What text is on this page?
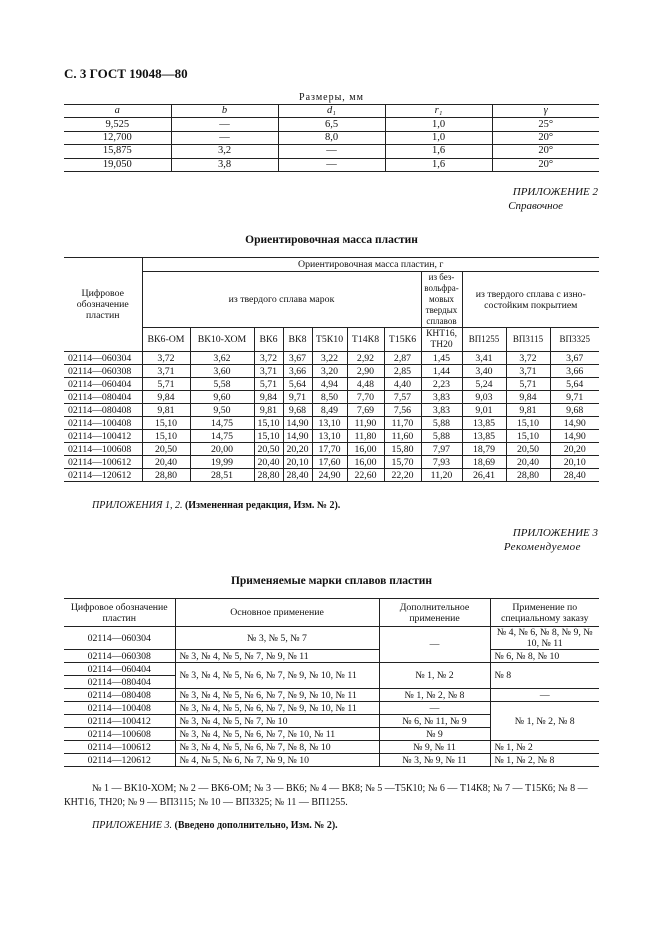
С. 3 ГОСТ 19048—80
Размеры, мм
a	b	d₁	r₁	γ
9,525	—	6,5	1,0	25°
12,700	—	8,0	1,0	20°
15,875	3,2	—	1,6	20°
19,050	3,8	—	1,6	20°
ПРИЛОЖЕНИЕ 2
Справочное
Ориентировочная масса пластин
Цифровое обозначение пластин	Ориентировочная масса пластин, г										
	из твердого сплава марок							из без-вольфра-мовых твердых сплавов	из твердого сплава с изно-состойким покрытием		
	ВК6-ОМ	ВК10-ХОМ	ВК6	ВК8	Т5К10	Т14К8	Т15К6	КНТ16, ТН20	ВП1255	ВП3115	ВП3325
02114—060304	3,72	3,62	3,72	3,67	3,22	2,92	2,87	1,45	3,41	3,72	3,67
02114—060308	3,71	3,60	3,71	3,66	3,20	2,90	2,85	1,44	3,40	3,71	3,66
02114—060404	5,71	5,58	5,71	5,64	4,94	4,48	4,40	2,23	5,24	5,71	5,64
02114—080404	9,84	9,60	9,84	9,71	8,50	7,70	7,57	3,83	9,03	9,84	9,71
02114—080408	9,81	9,50	9,81	9,68	8,49	7,69	7,56	3,83	9,01	9,81	9,68
02114—100408	15,10	14,75	15,10	14,90	13,10	11,90	11,70	5,88	13,85	15,10	14,90
02114—100412	15,10	14,75	15,10	14,90	13,10	11,80	11,60	5,88	13,85	15,10	14,90
02114—100608	20,50	20,00	20,50	20,20	17,70	16,00	15,80	7,97	18,79	20,50	20,20
02114—100612	20,40	19,99	20,40	20,10	17,60	16,00	15,70	7,93	18,69	20,40	20,10
02114—120612	28,80	28,51	28,80	28,40	24,90	22,60	22,20	11,20	26,41	28,80	28,40
ПРИЛОЖЕНИЯ 1, 2. (Измененная редакция, Изм. № 2).
ПРИЛОЖЕНИЕ 3
Рекомендуемое
Применяемые марки сплавов пластин
Цифровое обозначение пластин	Основное применение	Дополнительное применение	Применение по специальному заказу
02114—060304	№ 3, № 5, № 7	—	№ 4, № 6, № 8, № 9, № 10, № 11

02114—060308	№ 3, № 4, № 5, № 7, № 9, № 11		№ 6, № 8, № 10
02114—060404	№ 3, № 4, № 5, № 6, № 7, № 9, № 10, № 11	№ 1, № 2	№ 8
02114—080404			
02114—080408	№ 3, № 4, № 5, № 6, № 7, № 9, № 10, № 11	№ 1, № 2, № 8	—
02114—100408	№ 3, № 4, № 5, № 6, № 7, № 9, № 10, № 11	—	№ 1, № 2, № 8
02114—100412	№ 3, № 4, № 5, № 7, № 10	№ 6, № 11, № 9	
02114—100608	№ 3, № 4, № 5, № 6, № 7, № 10, № 11	№ 9	
02114—100612	№ 3, № 4, № 5, № 6, № 7, № 8, № 10	№ 9, № 11	№ 1, № 2
02114—120612	№ 4, № 5, № 6, № 7, № 9, № 10	№ 3, № 9, № 11	№ 1, № 2, № 8
№ 1 — ВК10-ХОМ; № 2 — ВК6-ОМ; № 3 — ВК6; № 4 — ВК8; № 5 —Т5К10; № 6 — Т14К8; № 7 — Т15К6; № 8 — КНТ16, ТН20; № 9 — ВП3115; № 10 — ВП3325; № 11 — ВП1255.
ПРИЛОЖЕНИЕ 3. (Введено дополнительно, Изм. № 2).
